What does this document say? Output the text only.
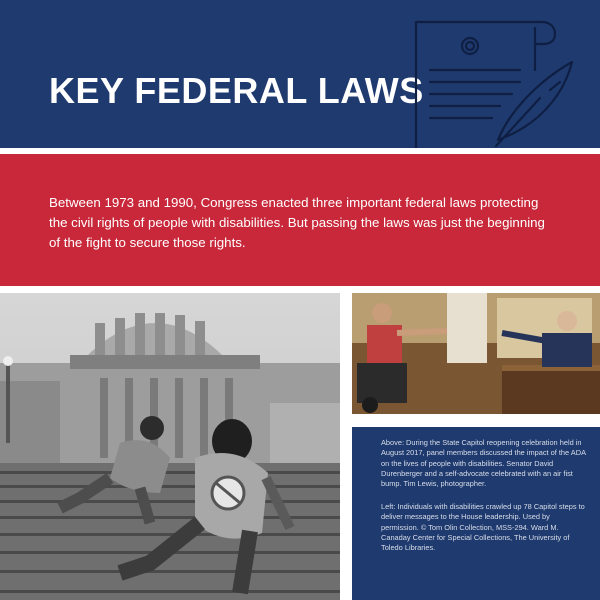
KEY FEDERAL LAWS
Between 1973 and 1990, Congress enacted three important federal laws protecting the civil rights of people with disabilities. But passing the laws was just the beginning of the fight to secure those rights.
Above: During the State Capitol reopening celebration held in August 2017, panel members discussed the impact of the ADA on the lives of people with disabilities. Senator David Durenberger and a self-advocate celebrated with an air fist bump. Tim Lewis, photographer.
Left: Individuals with disabilities crawled up 78 Capitol steps to deliver messages to the House leadership. Used by permission. © Tom Olin Collection, MSS-294. Ward M. Canaday Center for Special Collections, The University of Toledo Libraries.
